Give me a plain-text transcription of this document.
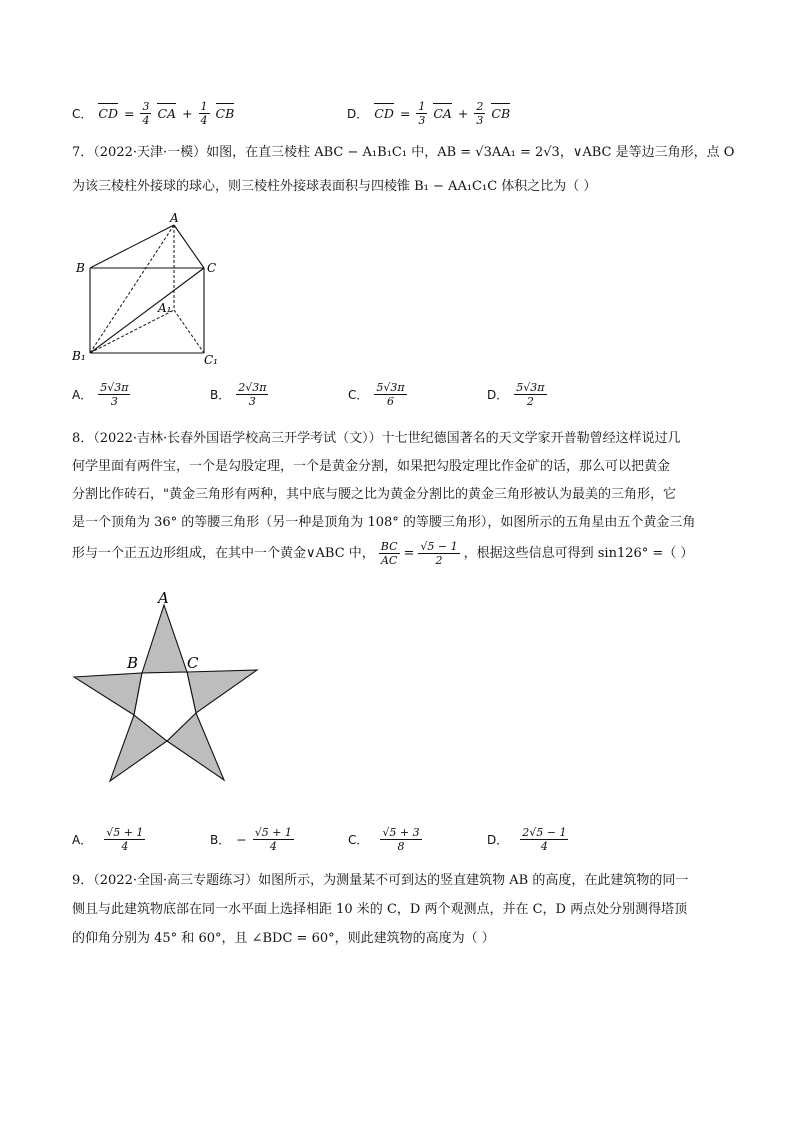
C． CD = $\frac{3}{4}$ CA + $\frac{1}{4}$ CB	D． CD = $\frac{1}{3}$ CA + $\frac{2}{3}$ CB
7．（2022·天津·一模）如图，在直三棱柱 ABC − A₁B₁C₁ 中，AB = √3AA₁ = 2√3，∨ABC 是等边三角形，点 O
为该三棱柱外接球的球心，则三棱柱外接球表面积与四棱锥 B₁ − AA₁C₁C 体积之比为（ ）
A
B	C
A₁
B₁	C₁
A． $\frac{5√3\pi}{3}$	B． $\frac{2√3\pi}{3}$	C． $\frac{5√3\pi}{6}$	D． $\frac{5√3\pi}{2}$
8．（2022·吉林·长春外国语学校高三开学考试（文））十七世纪德国著名的天文学家开普勒曾经这样说过几
何学里面有两件宝，一个是勾股定理，一个是黄金分割，如果把勾股定理比作金矿的话，那么可以把黄金
分割比作砖石，"黄金三角形有两种，其中底与腰之比为黄金分割比的黄金三角形被认为最美的三角形，它
是一个顶角为 36° 的等腰三角形（另一种是顶角为 108° 的等腰三角形），如图所示的五角星由五个黄金三角
形与一个正五边形组成，在其中一个黄金∨ABC 中， $\frac{BC}{AC} = \frac{√5 - 1}{2}$ ，根据这些信息可得到 sin126° =（ ）
A
B	C
A． $\frac{√5 + 1}{4}$	B． − $\frac{√5 + 1}{4}$	C． $\frac{√5 + 3}{8}$	D． $\frac{2√5 - 1}{4}$
9．（2022·全国·高三专题练习）如图所示，为测量某不可到达的竖直建筑物 AB 的高度，在此建筑物的同一
侧且与此建筑物底部在同一水平面上选择相距 10 米的 C，D 两个观测点，并在 C，D 两点处分别测得塔顶
的仰角分别为 45° 和 60°，且 ∠BDC = 60°，则此建筑物的高度为（ ）
